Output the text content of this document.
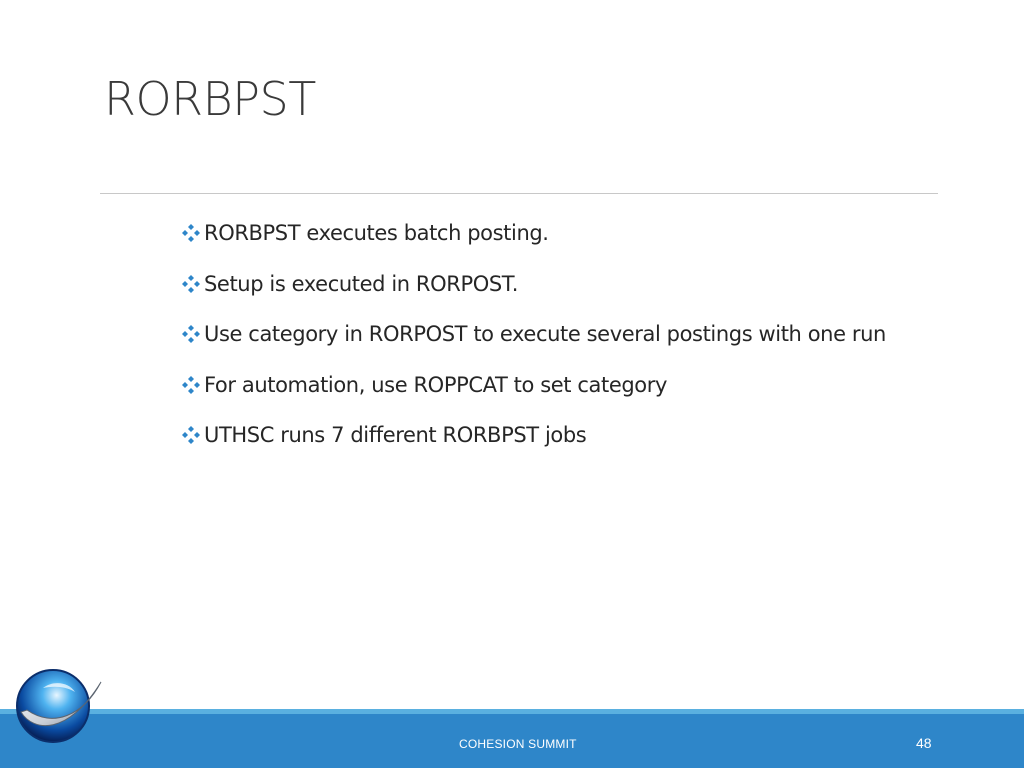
RORBPST
RORBPST executes batch posting.
Setup is executed in RORPOST.
Use category in RORPOST to execute several postings with one run
For automation, use ROPPCAT to set category
UTHSC runs 7 different RORBPST jobs
COHESION SUMMIT	48
